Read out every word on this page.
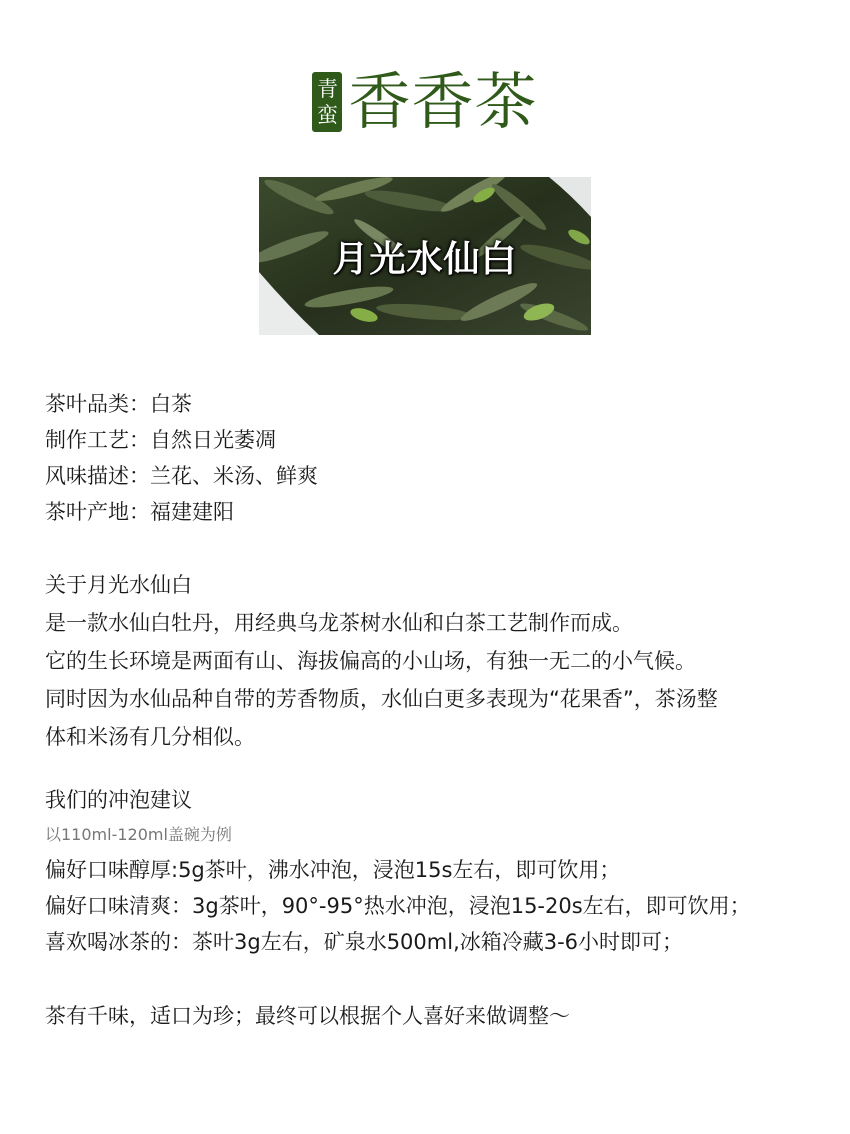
青
蛮 香香茶
月光水仙白
茶叶品类：白茶
制作工艺：自然日光萎凋
风味描述：兰花、米汤、鲜爽
茶叶产地：福建建阳
关于月光水仙白
是一款水仙白牡丹，用经典乌龙茶树水仙和白茶工艺制作而成。
它的生长环境是两面有山、海拔偏高的小山场，有独一无二的小气候。
同时因为水仙品种自带的芳香物质，水仙白更多表现为“花果香”，茶汤整
体和米汤有几分相似。
我们的冲泡建议
以110ml-120ml盖碗为例
偏好口味醇厚:5g茶叶，沸水冲泡，浸泡15s左右，即可饮用；
偏好口味清爽：3g茶叶，90°-95°热水冲泡，浸泡15-20s左右，即可饮用；
喜欢喝冰茶的：茶叶3g左右，矿泉水500ml,冰箱冷藏3-6小时即可；
茶有千味，适口为珍；最终可以根据个人喜好来做调整～
